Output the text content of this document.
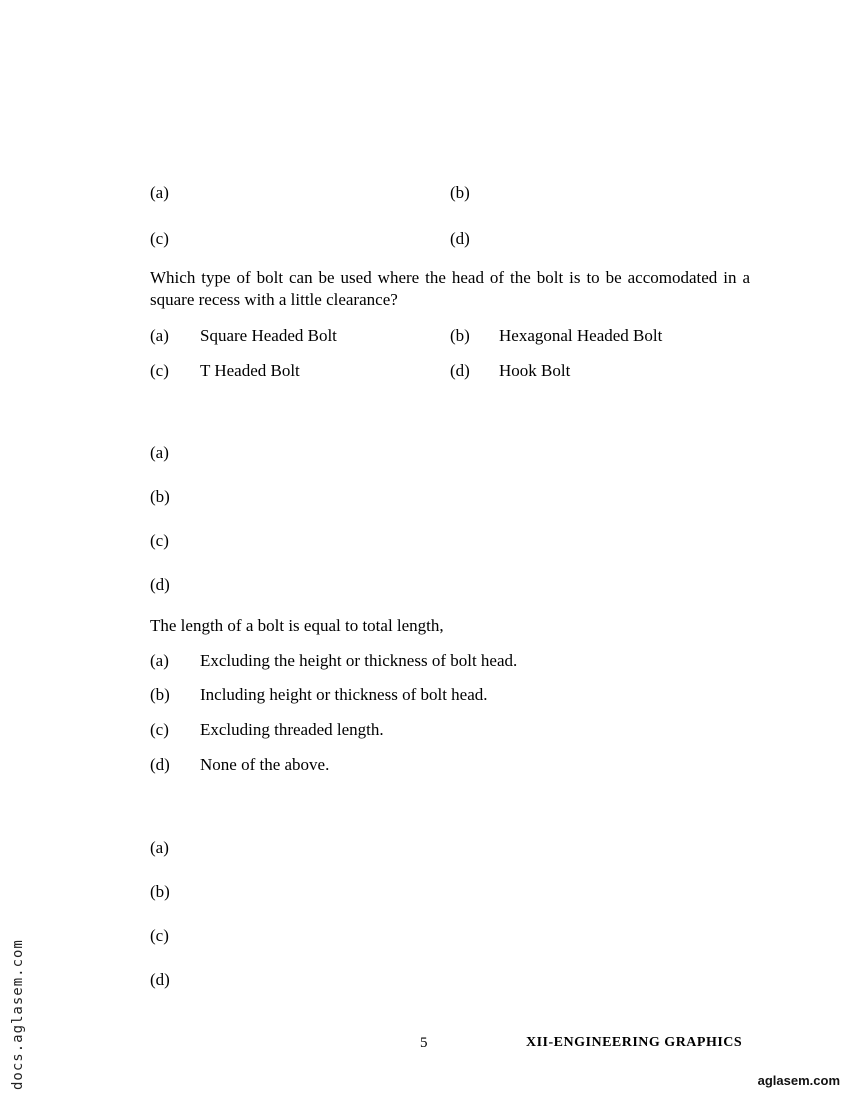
(a)	(b)
(c)	(d)
Which type of bolt can be used where the head of the bolt is to be accomodated in a square recess with a little clearance?
(a) Square Headed Bolt	(b) Hexagonal Headed Bolt
(c) T Headed Bolt	(d) Hook Bolt
(a)
(b)
(c)
(d)
The length of a bolt is equal to total length,
(a) Excluding the height or thickness of bolt head.
(b) Including height or thickness of bolt head.
(c) Excluding threaded length.
(d) None of the above.
(a)
(b)
(c)
(d)
5	XII-ENGINEERING GRAPHICS
docs.aglasem.com	aglasem.com
